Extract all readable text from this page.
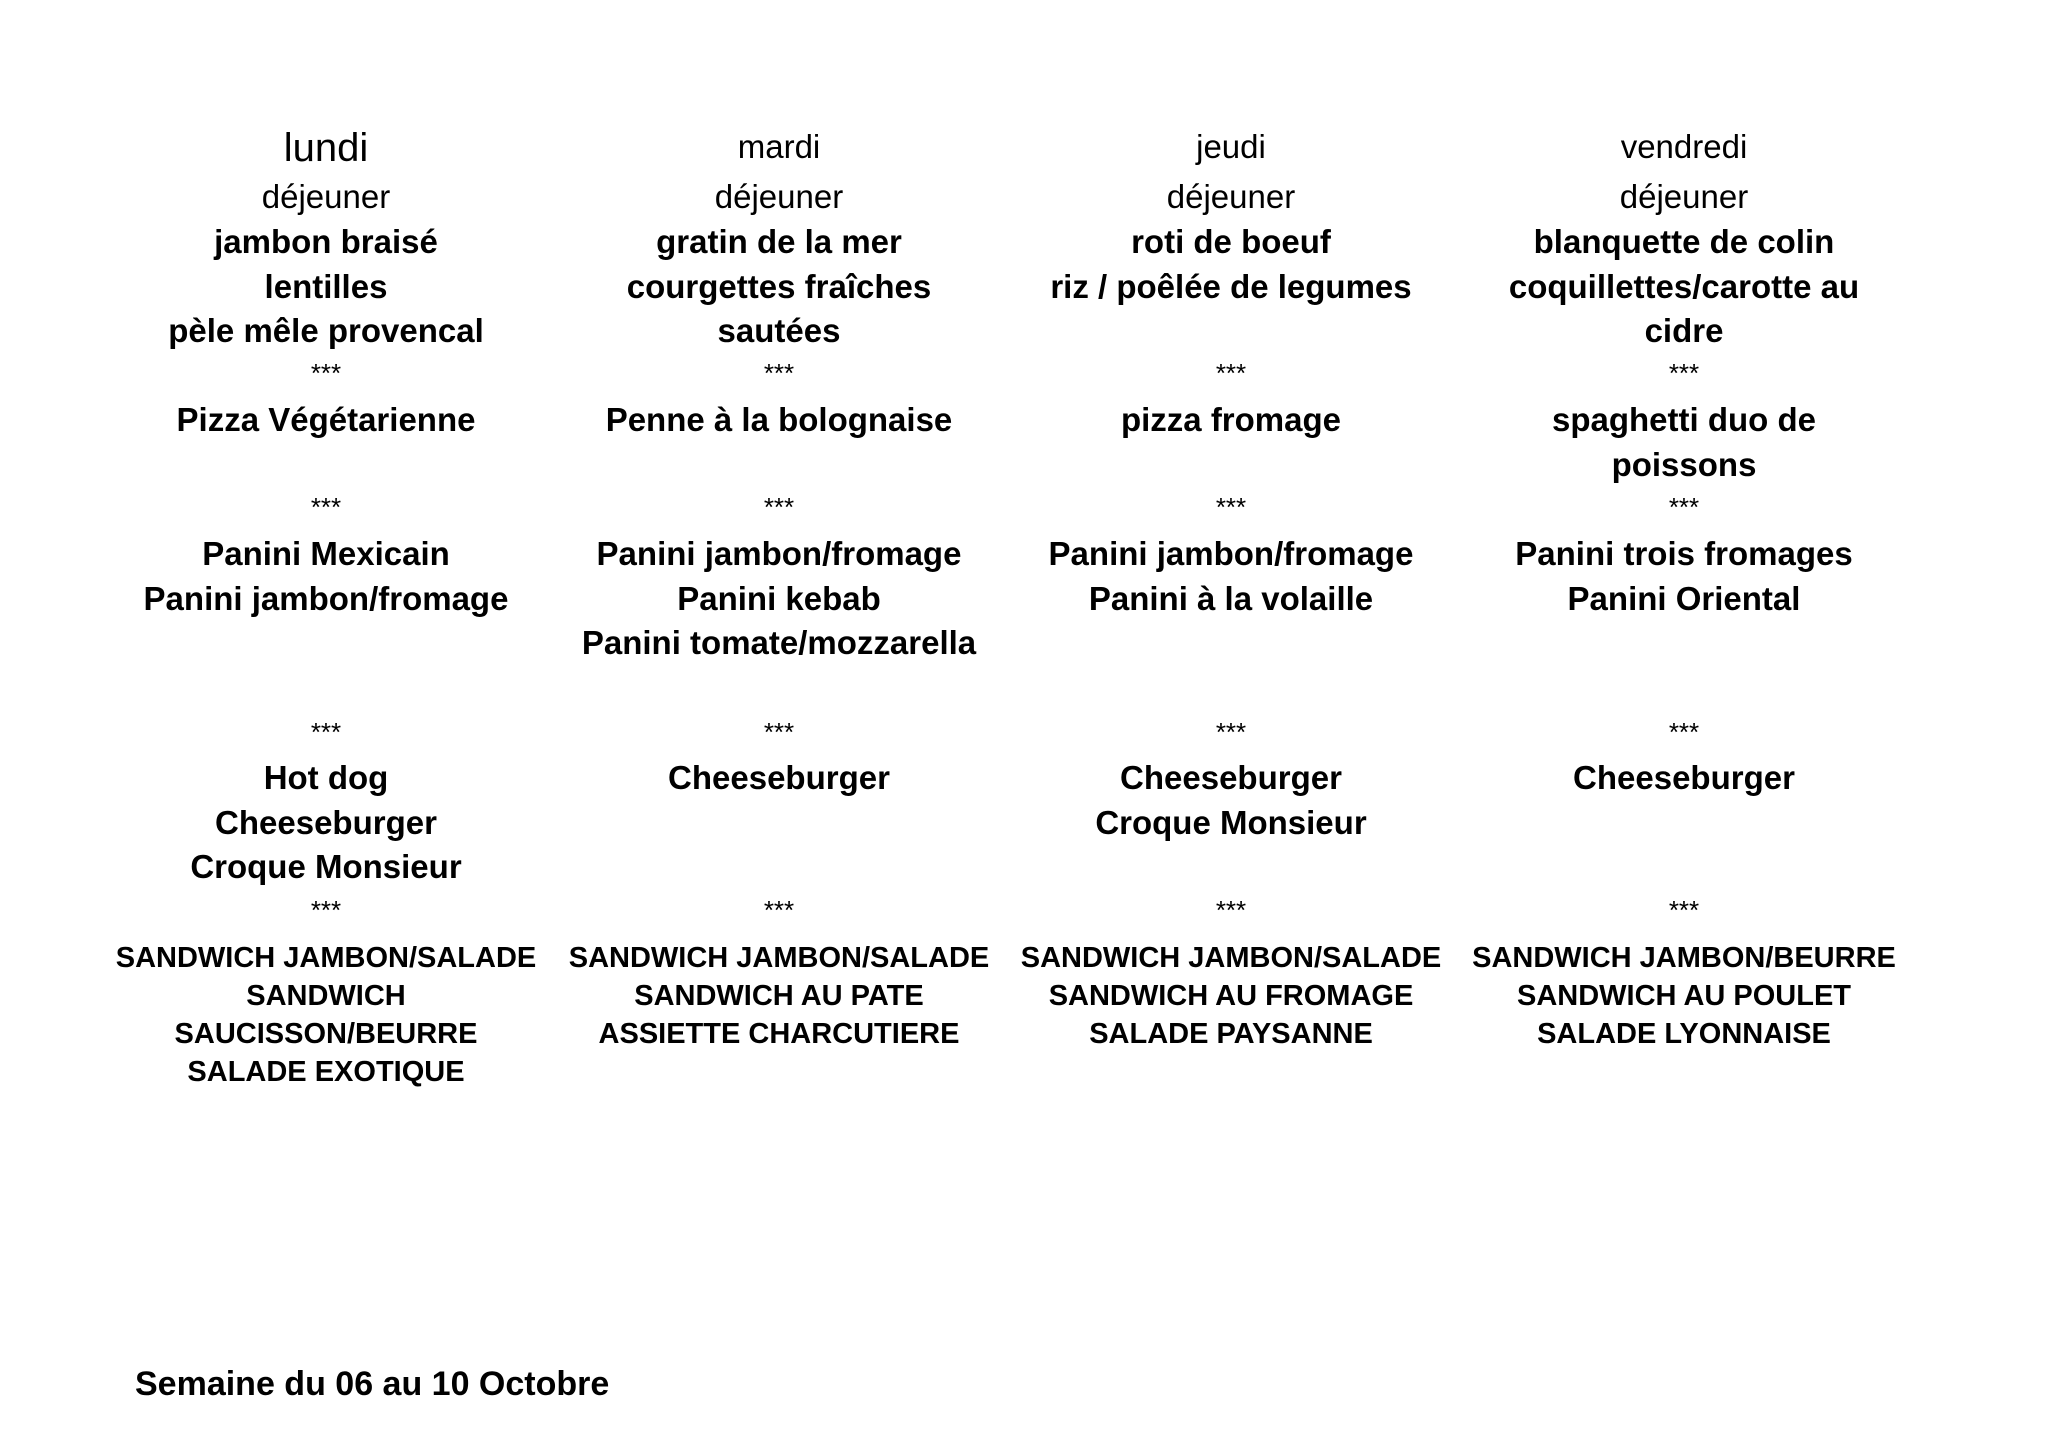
lundi
déjeuner
jambon braisé
lentilles
pèle mêle provencal
***
Pizza Végétarienne
***
Panini Mexicain
Panini jambon/fromage
***
Hot dog
Cheeseburger
Croque Monsieur
***
SANDWICH JAMBON/SALADE
SANDWICH
SAUCISSON/BEURRE
SALADE EXOTIQUE
mardi
déjeuner
gratin de la mer
courgettes fraîches
sautées
***
Penne à la bolognaise
***
Panini jambon/fromage
Panini kebab
Panini tomate/mozzarella
***
Cheeseburger
***
SANDWICH JAMBON/SALADE
SANDWICH AU PATE
ASSIETTE CHARCUTIERE
jeudi
déjeuner
roti de boeuf
riz / poêlée de legumes
***
pizza fromage
***
Panini jambon/fromage
Panini à la volaille
***
Cheeseburger
Croque Monsieur
***
SANDWICH JAMBON/SALADE
SANDWICH AU FROMAGE
SALADE PAYSANNE
vendredi
déjeuner
blanquette de colin
coquillettes/carotte au
cidre
***
spaghetti duo de
poissons
***
Panini trois fromages
Panini Oriental
***
Cheeseburger
***
SANDWICH JAMBON/BEURRE
SANDWICH AU POULET
SALADE LYONNAISE
Semaine du 06 au 10 Octobre
